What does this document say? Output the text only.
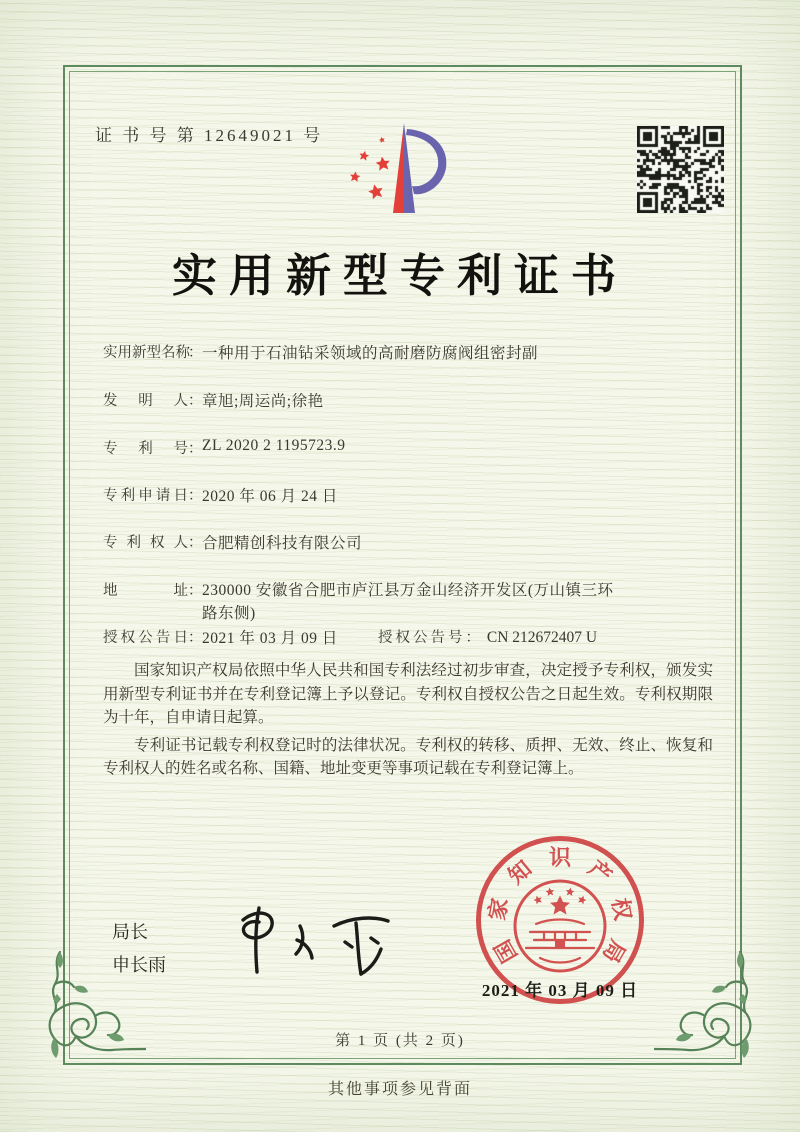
证 书 号 第 12649021 号
实用新型专利证书
实用新型名称：一种用于石油钻采领域的高耐磨防腐阀组密封副
发明人：章旭;周运尚;徐艳
专利号：ZL 2020 2 1195723.9
专利申请日：2020 年 06 月 24 日
专利权人：合肥精创科技有限公司
地址：230000 安徽省合肥市庐江县万金山经济开发区(万山镇三环路东侧)
授权公告日：2021 年 03 月 09 日	授权公告号： CN 212672407 U

国家知识产权局依照中华人民共和国专利法经过初步审查，决定授予专利权，颁发实用新型专利证书并在专利登记簿上予以登记。专利权自授权公告之日起生效。专利权期限为十年，自申请日起算。

专利证书记载专利权登记时的法律状况。专利权的转移、质押、无效、终止、恢复和专利权人的姓名或名称、国籍、地址变更等事项记载在专利登记簿上。

局长
申长雨	国
家
知 识 产
权
局
2021 年 03 月 09 日
第 1 页 (共 2 页)
其他事项参见背面
